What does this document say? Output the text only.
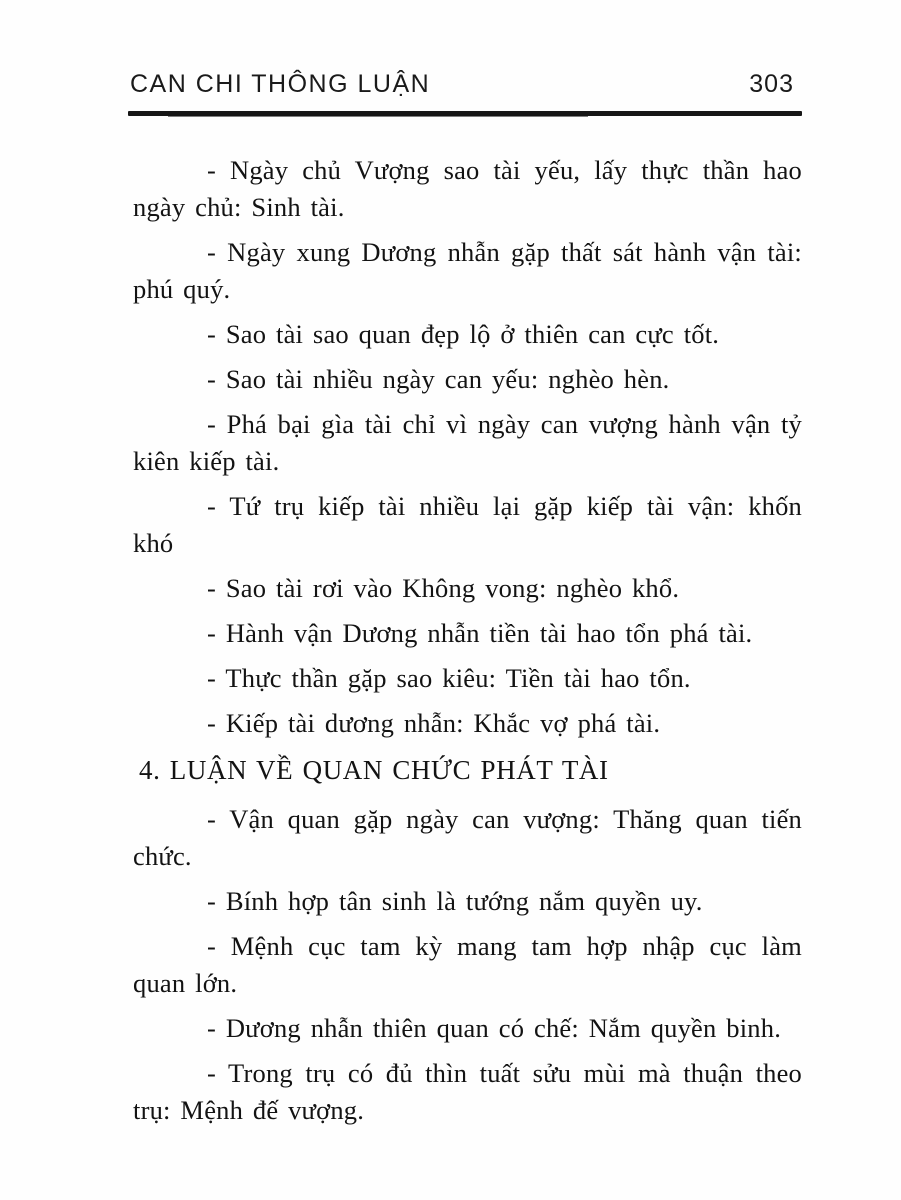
CAN CHI THÔNG LUẬN	303

- Ngày chủ Vượng sao tài yếu, lấy thực thần hao ngày chủ: Sinh tài.

- Ngày xung Dương nhẫn gặp thất sát hành vận tài: phú quý.

- Sao tài sao quan đẹp lộ ở thiên can cực tốt.

- Sao tài nhiều ngày can yếu: nghèo hèn.

- Phá bại gìa tài chỉ vì ngày can vượng hành vận tỷ kiên kiếp tài.

- Tứ trụ kiếp tài nhiều lại gặp kiếp tài vận: khốn khó

- Sao tài rơi vào Không vong: nghèo khổ.

- Hành vận Dương nhẫn tiền tài hao tổn phá tài.

- Thực thần gặp sao kiêu: Tiền tài hao tổn.

- Kiếp tài dương nhẫn: Khắc vợ phá tài.

4. LUẬN VỀ QUAN CHỨC PHÁT TÀI

- Vận quan gặp ngày can vượng: Thăng quan tiến chức.

- Bính hợp tân sinh là tướng nắm quyền uy.

- Mệnh cục tam kỳ mang tam hợp nhập cục làm quan lớn.

- Dương nhẫn thiên quan có chế: Nắm quyền binh.

- Trong trụ có đủ thìn tuất sửu mùi mà thuận theo trụ: Mệnh đế vượng.
